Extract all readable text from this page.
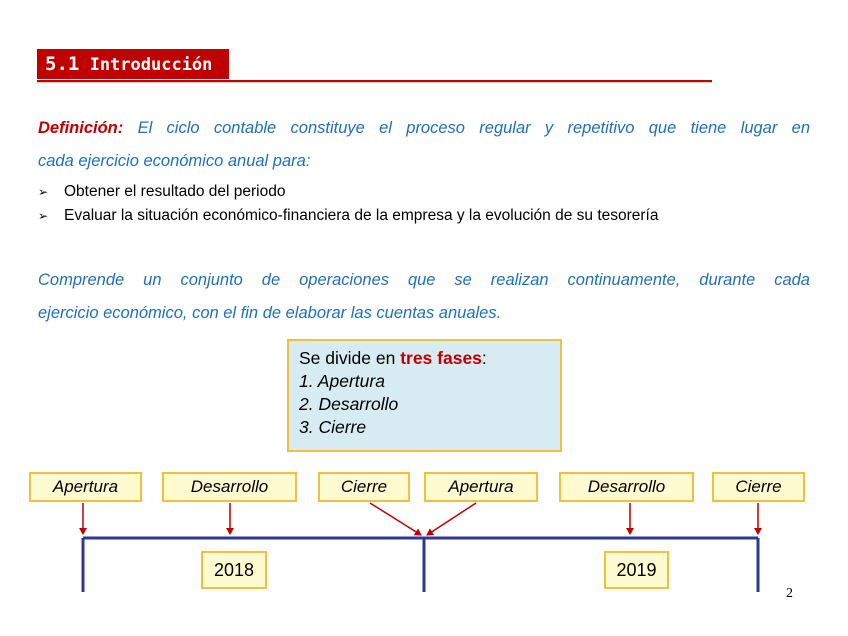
5.1 Introducción
Definición: El ciclo contable constituye el proceso regular y repetitivo que tiene lugar en
cada ejercicio económico anual para:
➢ Obtener el resultado del periodo
➢ Evaluar la situación económico-financiera de la empresa y la evolución de su tesorería
Comprende un conjunto de operaciones que se realizan continuamente, durante cada
ejercicio económico, con el fin de elaborar las cuentas anuales.
Se divide en tres fases:
1. Apertura
2. Desarrollo
3. Cierre
Apertura	Desarrollo	Cierre	Apertura	Desarrollo	Cierre
2018	2019
2
